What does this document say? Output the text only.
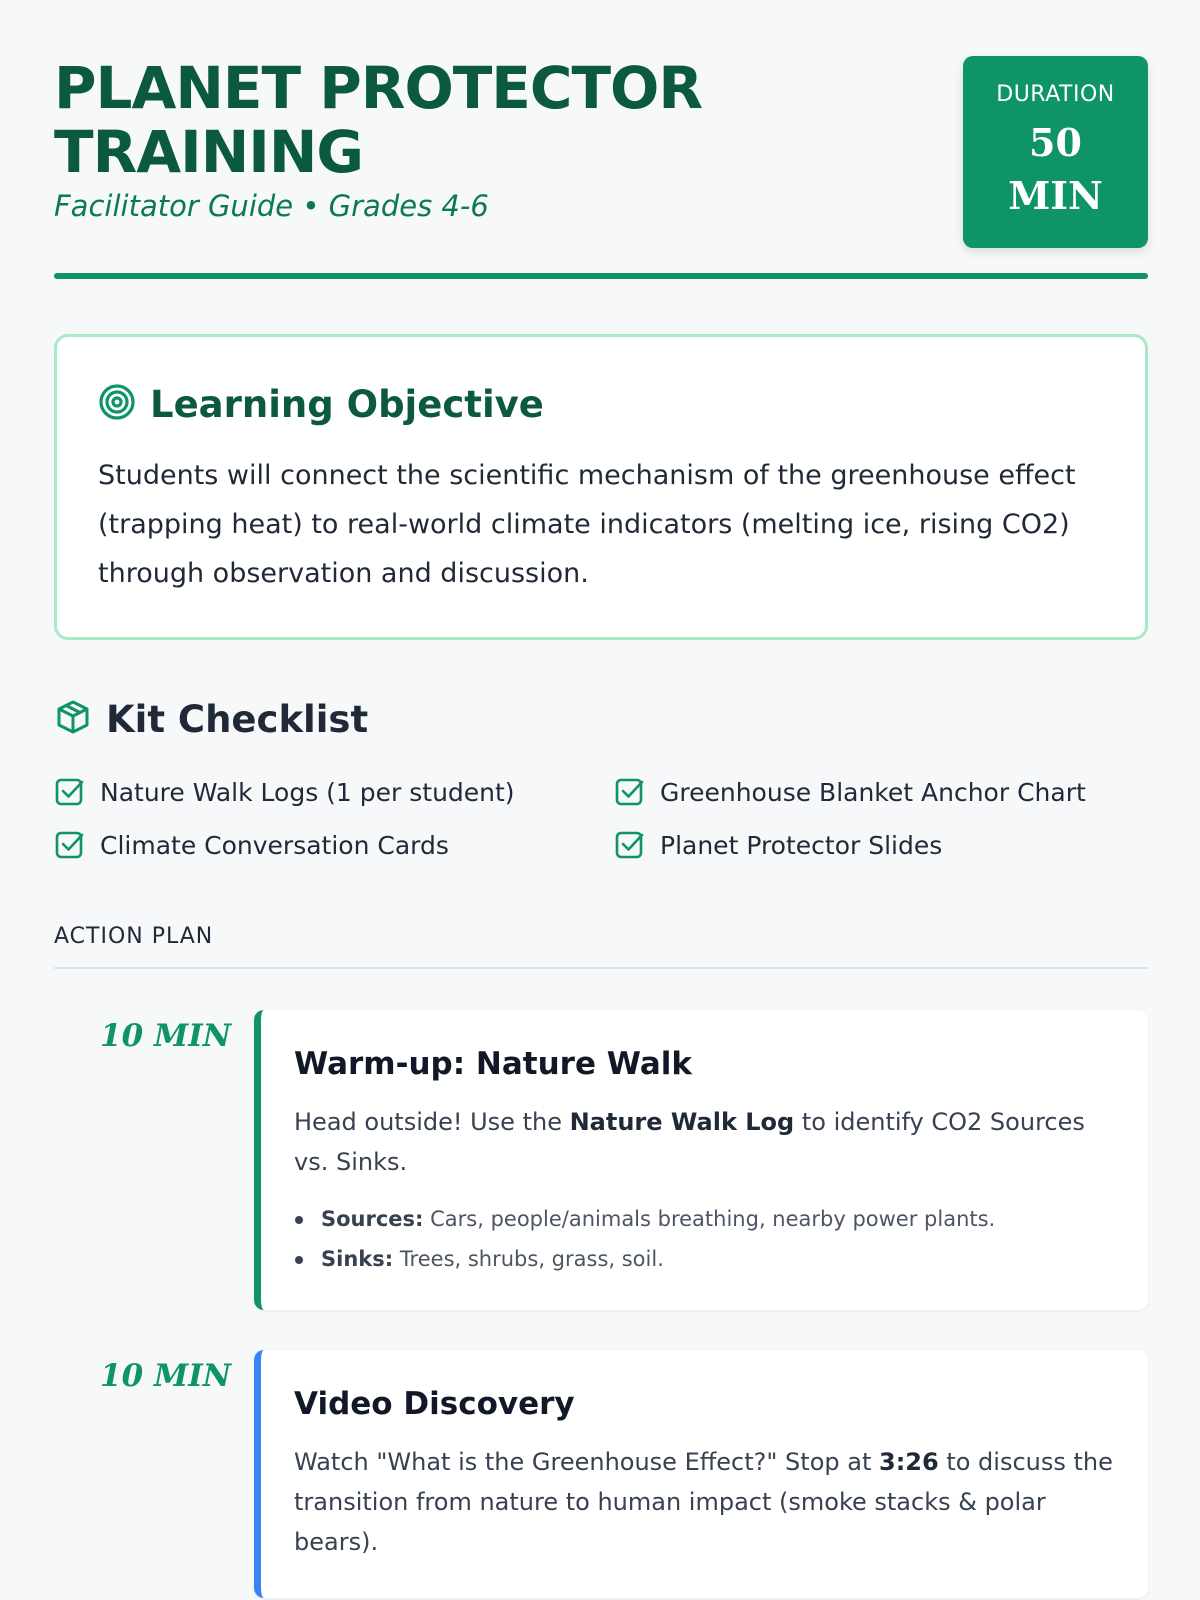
PLANET PROTECTOR TRAINING
Facilitator Guide • Grades 4-6
DURATION
50 MIN
Learning Objective
Students will connect the scientific mechanism of the greenhouse effect (trapping heat) to real-world climate indicators (melting ice, rising CO2) through observation and discussion.
Kit Checklist
Nature Walk Logs (1 per student)	Greenhouse Blanket Anchor Chart
Climate Conversation Cards	Planet Protector Slides
ACTION PLAN
10 MIN
Warm-up: Nature Walk
Head outside! Use the Nature Walk Log to identify CO2 Sources vs. Sinks.
Sources: Cars, people/animals breathing, nearby power plants.
Sinks: Trees, shrubs, grass, soil.
10 MIN
Video Discovery
Watch "What is the Greenhouse Effect?" Stop at 3:26 to discuss the transition from nature to human impact (smoke stacks & polar bears).
